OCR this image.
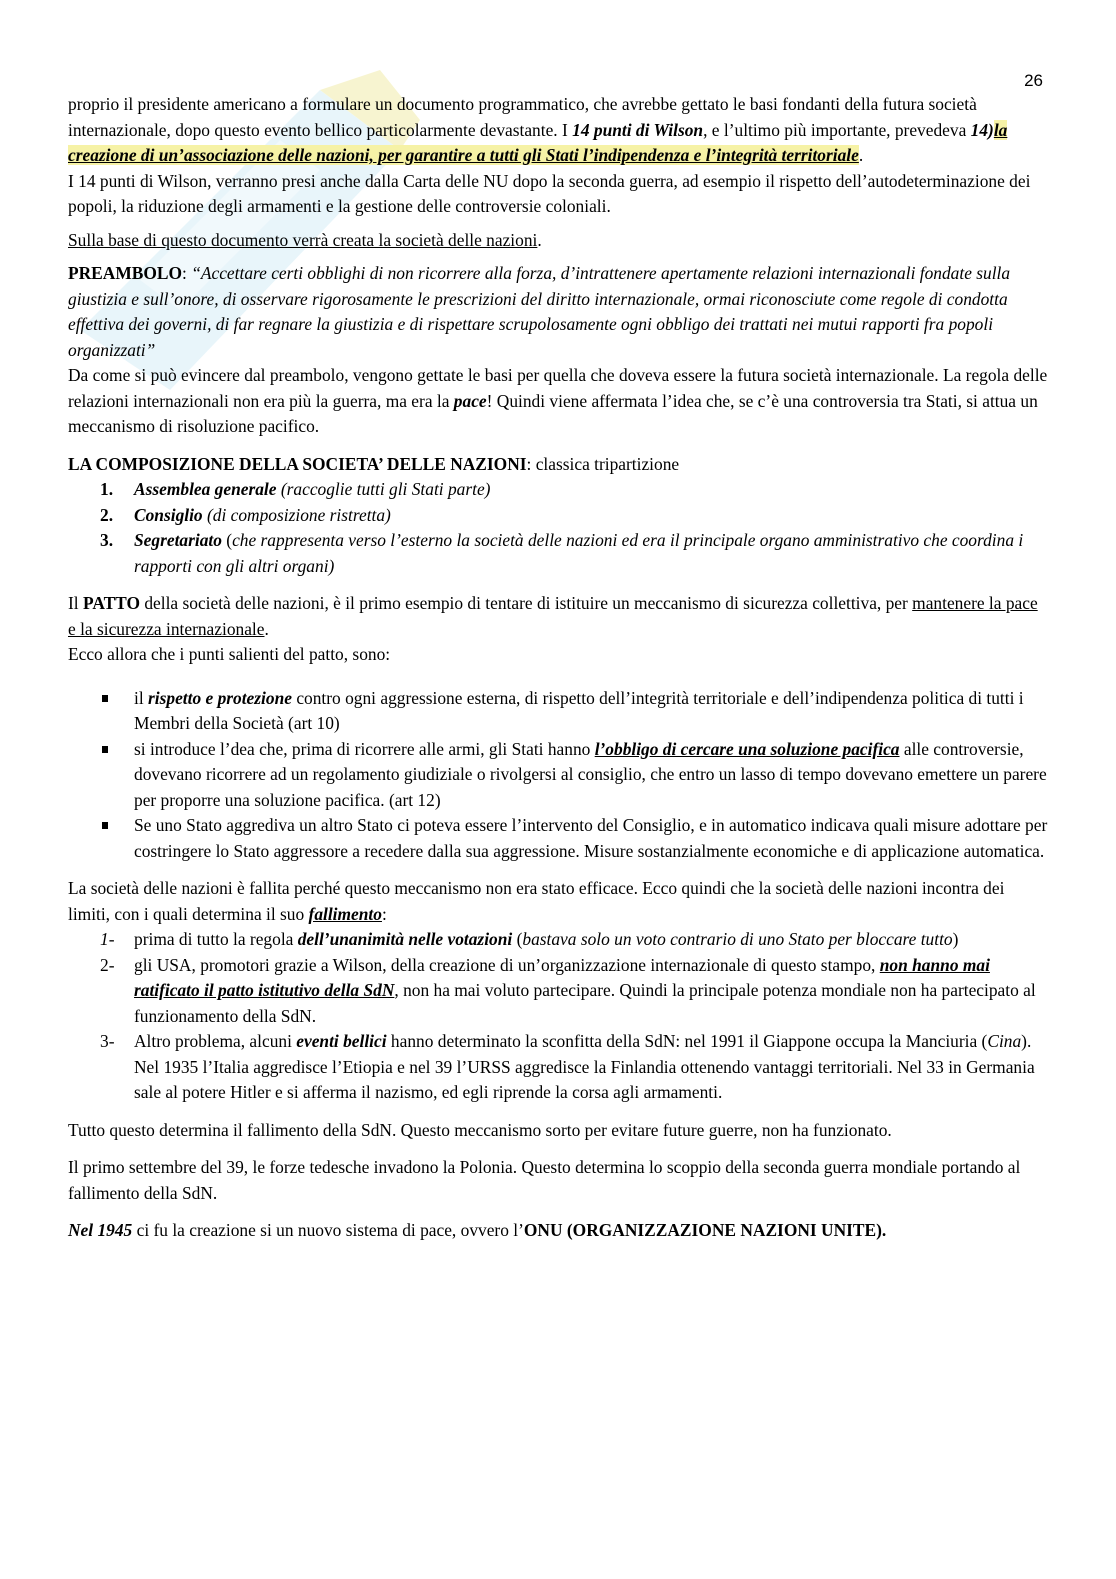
26

proprio il presidente americano a formulare un documento programmatico, che avrebbe gettato le basi fondanti della futura società internazionale, dopo questo evento bellico particolarmente devastante. I 14 punti di Wilson, e l’ultimo più importante, prevedeva 14)la creazione di un’associazione delle nazioni, per garantire a tutti gli Stati l’indipendenza e l’integrità territoriale.
I 14 punti di Wilson, verranno presi anche dalla Carta delle NU dopo la seconda guerra, ad esempio il rispetto dell’autodeterminazione dei popoli, la riduzione degli armamenti e la gestione delle controversie coloniali.

Sulla base di questo documento verrà creata la società delle nazioni.

PREAMBOLO: “Accettare certi obblighi di non ricorrere alla forza, d’intrattenere apertamente relazioni internazionali fondate sulla giustizia e sull’onore, di osservare rigorosamente le prescrizioni del diritto internazionale, ormai riconosciute come regole di condotta effettiva dei governi, di far regnare la giustizia e di rispettare scrupolosamente ogni obbligo dei trattati nei mutui rapporti fra popoli organizzati”
Da come si può evincere dal preambolo, vengono gettate le basi per quella che doveva essere la futura società internazionale. La regola delle relazioni internazionali non era più la guerra, ma era la pace! Quindi viene affermata l’idea che, se c’è una controversia tra Stati, si attua un meccanismo di risoluzione pacifico.

LA COMPOSIZIONE DELLA SOCIETA’ DELLE NAZIONI: classica tripartizione
1. Assemblea generale (raccoglie tutti gli Stati parte)
2. Consiglio (di composizione ristretta)
3. Segretariato (che rappresenta verso l’esterno la società delle nazioni ed era il principale organo amministrativo che coordina i rapporti con gli altri organi)

Il PATTO della società delle nazioni, è il primo esempio di tentare di istituire un meccanismo di sicurezza collettiva, per mantenere la pace e la sicurezza internazionale.
Ecco allora che i punti salienti del patto, sono:

il rispetto e protezione contro ogni aggressione esterna, di rispetto dell’integrità territoriale e dell’indipendenza politica di tutti i Membri della Società (art 10)
si introduce l’dea che, prima di ricorrere alle armi, gli Stati hanno l’obbligo di cercare una soluzione pacifica alle controversie, dovevano ricorrere ad un regolamento giudiziale o rivolgersi al consiglio, che entro un lasso di tempo dovevano emettere un parere per proporre una soluzione pacifica. (art 12)
Se uno Stato aggrediva un altro Stato ci poteva essere l’intervento del Consiglio, e in automatico indicava quali misure adottare per costringere lo Stato aggressore a recedere dalla sua aggressione. Misure sostanzialmente economiche e di applicazione automatica.

La società delle nazioni è fallita perché questo meccanismo non era stato efficace. Ecco quindi che la società delle nazioni incontra dei limiti, con i quali determina il suo fallimento:

1- prima di tutto la regola dell’unanimità nelle votazioni (bastava solo un voto contrario di uno Stato per bloccare tutto)
2- gli USA, promotori grazie a Wilson, della creazione di un’organizzazione internazionale di questo stampo, non hanno mai ratificato il patto istitutivo della SdN, non ha mai voluto partecipare. Quindi la principale potenza mondiale non ha partecipato al funzionamento della SdN.
3- Altro problema, alcuni eventi bellici hanno determinato la sconfitta della SdN: nel 1991 il Giappone occupa la Manciuria (Cina). Nel 1935 l’Italia aggredisce l’Etiopia e nel 39 l’URSS aggredisce la Finlandia ottenendo vantaggi territoriali. Nel 33 in Germania sale al potere Hitler e si afferma il nazismo, ed egli riprende la corsa agli armamenti.

Tutto questo determina il fallimento della SdN. Questo meccanismo sorto per evitare future guerre, non ha funzionato.

Il primo settembre del 39, le forze tedesche invadono la Polonia. Questo determina lo scoppio della seconda guerra mondiale portando al fallimento della SdN.

Nel 1945 ci fu la creazione si un nuovo sistema di pace, ovvero l’ONU (ORGANIZZAZIONE NAZIONI UNITE).
